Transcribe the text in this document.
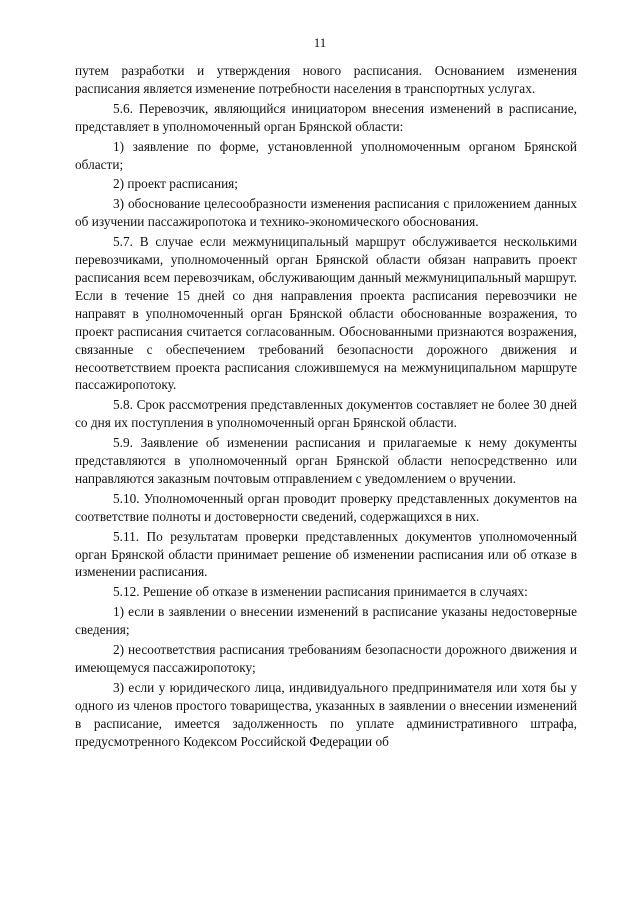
11

путем разработки и утверждения нового расписания. Основанием изменения расписания является изменение потребности населения в транспортных услугах.

5.6. Перевозчик, являющийся инициатором внесения изменений в расписание, представляет в уполномоченный орган Брянской области:

1) заявление по форме, установленной уполномоченным органом Брянской области;

2) проект расписания;

3) обоснование целесообразности изменения расписания с приложением данных об изучении пассажиропотока и технико-экономического обоснования.

5.7. В случае если межмуниципальный маршрут обслуживается несколькими перевозчиками, уполномоченный орган Брянской области обязан направить проект расписания всем перевозчикам, обслуживающим данный межмуниципальный маршрут. Если в течение 15 дней со дня направления проекта расписания перевозчики не направят в уполномоченный орган Брянской области обоснованные возражения, то проект расписания считается согласованным. Обоснованными признаются возражения, связанные с обеспечением требований безопасности дорожного движения и несоответствием проекта расписания сложившемуся на межмуниципальном маршруте пассажиропотоку.

5.8. Срок рассмотрения представленных документов составляет не более 30 дней со дня их поступления в уполномоченный орган Брянской области.

5.9. Заявление об изменении расписания и прилагаемые к нему документы представляются в уполномоченный орган Брянской области непосредственно или направляются заказным почтовым отправлением с уведомлением о вручении.

5.10. Уполномоченный орган проводит проверку представленных документов на соответствие полноты и достоверности сведений, содержащихся в них.

5.11. По результатам проверки представленных документов уполномоченный орган Брянской области принимает решение об изменении расписания или об отказе в изменении расписания.

5.12. Решение об отказе в изменении расписания принимается в случаях:

1) если в заявлении о внесении изменений в расписание указаны недостоверные сведения;

2) несоответствия расписания требованиям безопасности дорожного движения и имеющемуся пассажиропотоку;

3) если у юридического лица, индивидуального предпринимателя или хотя бы у одного из членов простого товарищества, указанных в заявлении о внесении изменений в расписание, имеется задолженность по уплате административного штрафа, предусмотренного Кодексом Российской Федерации об
